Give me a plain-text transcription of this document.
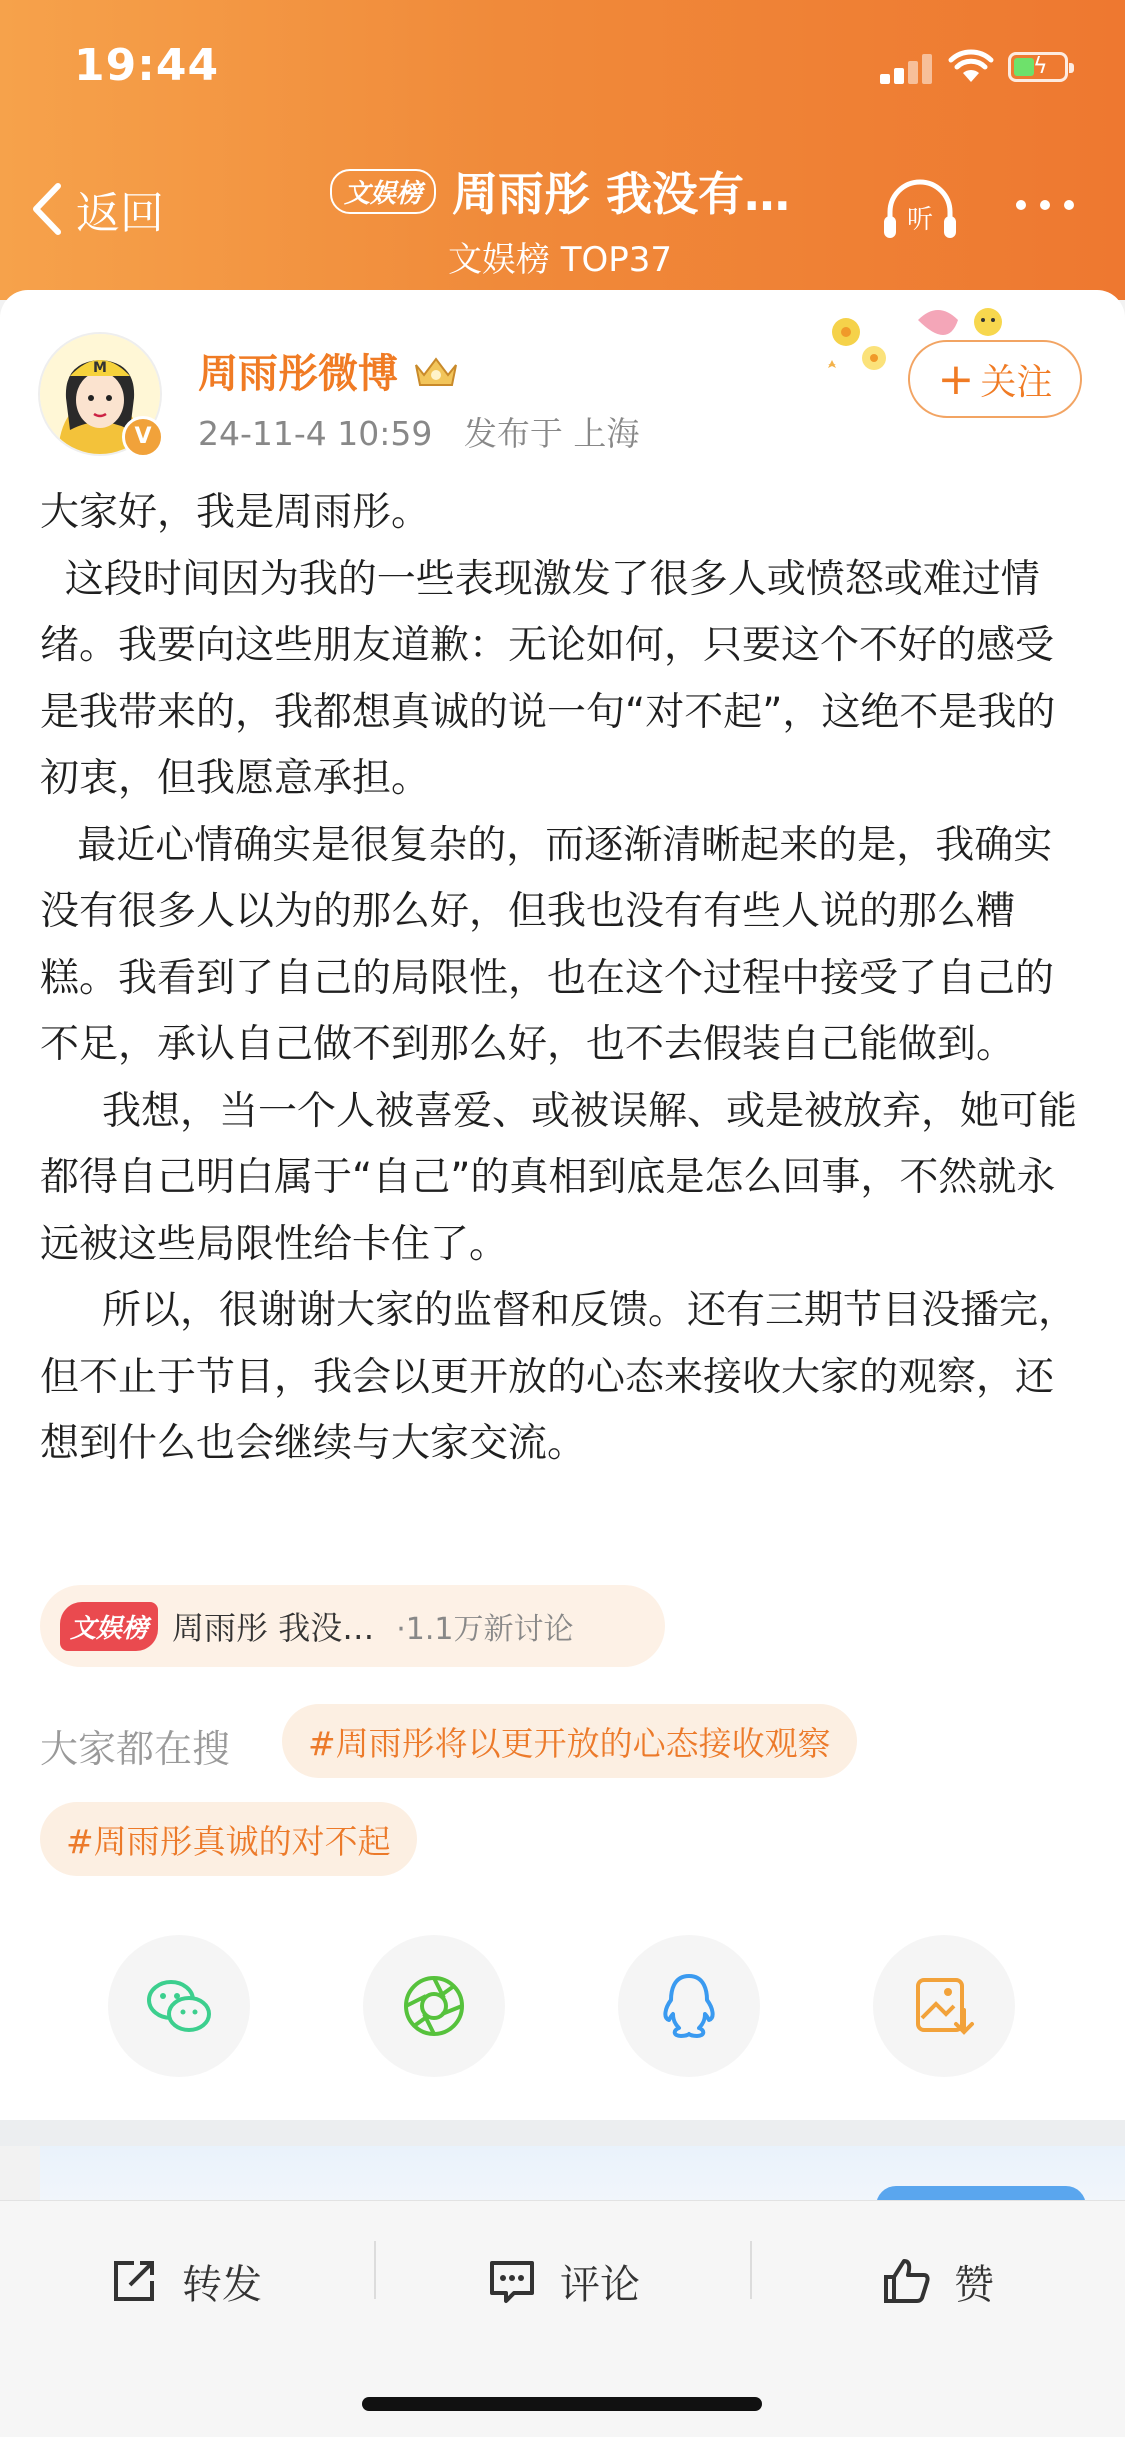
19:44	ϟ
返回	文娱榜 周雨彤 我没有…
文娱榜 TOP37
听
M
V
周雨彤微博
24-11-4 10:59 发布于 上海
+ 关注

大家好，我是周雨彤。

这段时间因为我的一些表现激发了很多人或愤怒或难过情绪。我要向这些朋友道歉：无论如何，只要这个不好的感受是我带来的，我都想真诚的说一句“对不起”，这绝不是我的初衷，但我愿意承担。

最近心情确实是很复杂的，而逐渐清晰起来的是，我确实没有很多人以为的那么好，但我也没有有些人说的那么糟糕。我看到了自己的局限性，也在这个过程中接受了自己的不足，承认自己做不到那么好，也不去假装自己能做到。

我想，当一个人被喜爱、或被误解、或是被放弃，她可能都得自己明白属于“自己”的真相到底是怎么回事，不然就永远被这些局限性给卡住了。

所以，很谢谢大家的监督和反馈。还有三期节目没播完，但不止于节目，我会以更开放的心态来接收大家的观察，还想到什么也会继续与大家交流。

文娱榜 周雨彤 我没… ·1.1万新讨论
大家都在搜	#周雨彤将以更开放的心态接收观察
#周雨彤真诚的对不起
转发	评论	赞
